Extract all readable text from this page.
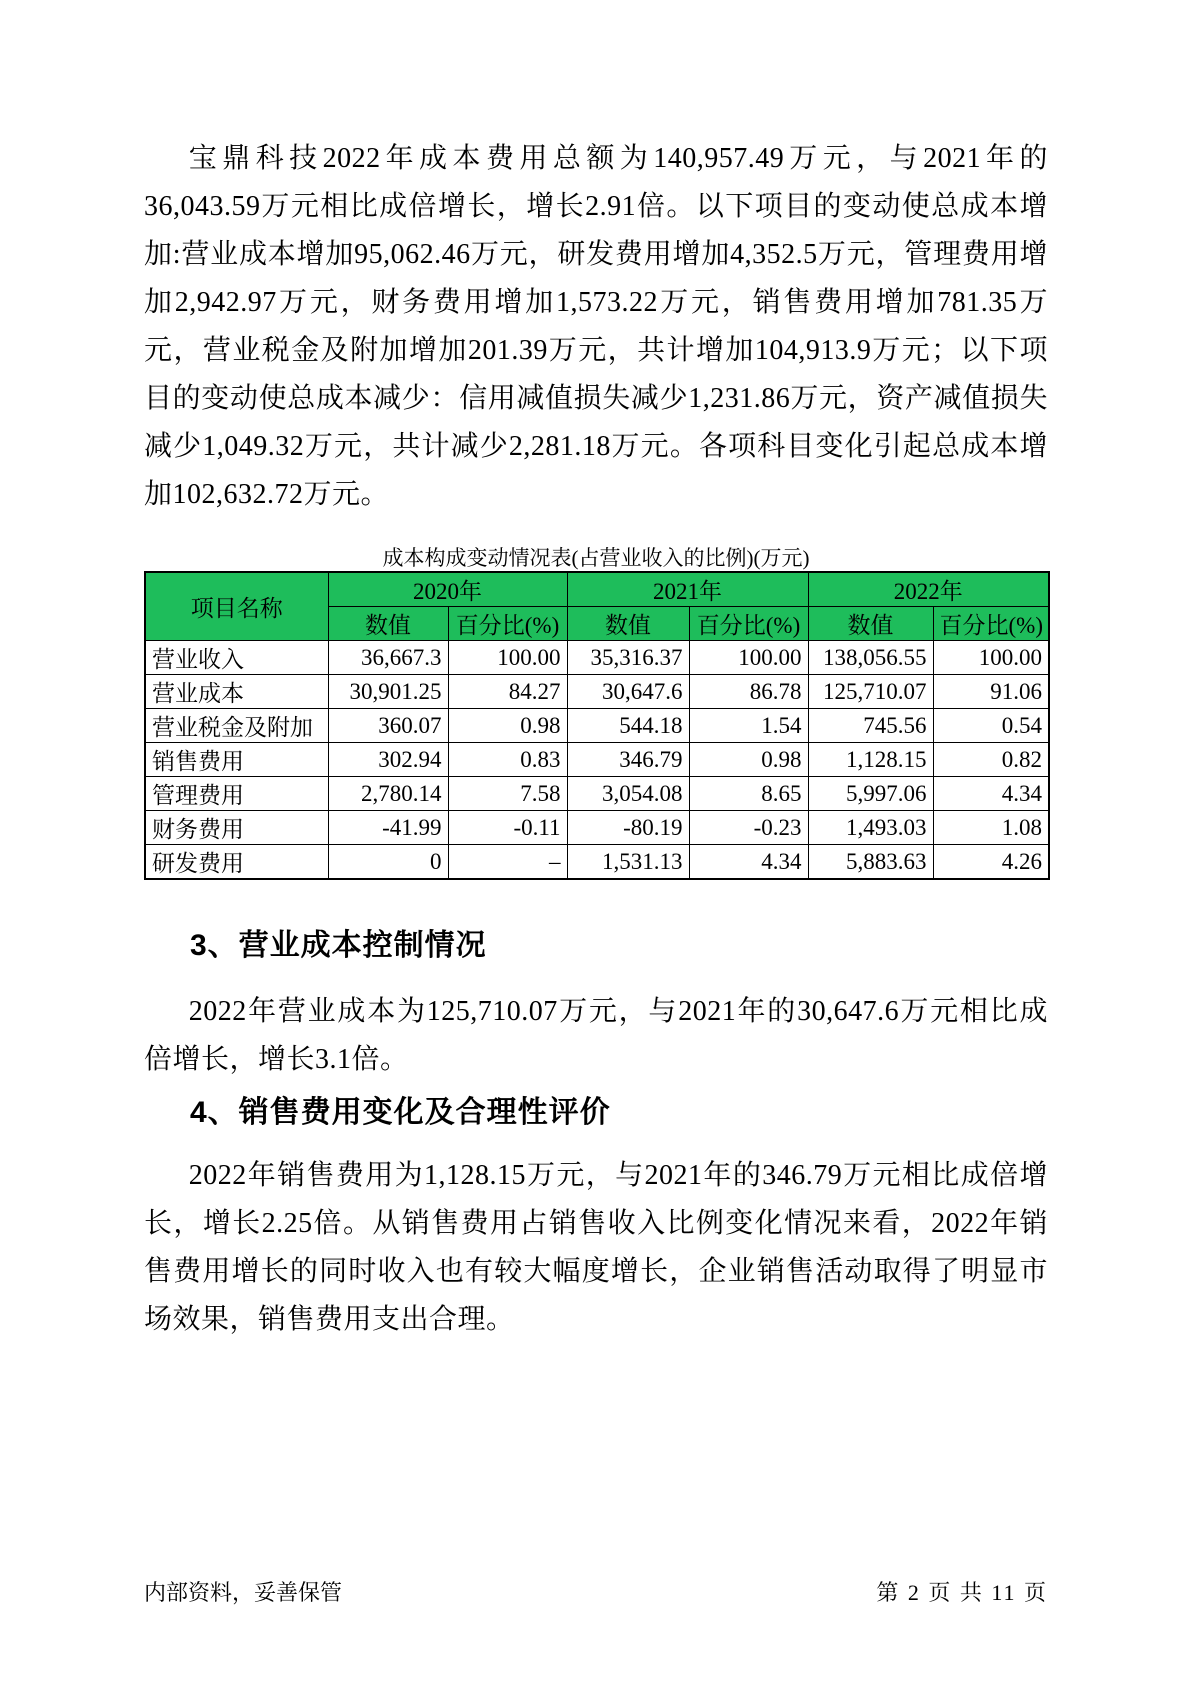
宝鼎科技2022年成本费用总额为140,957.49万元，与2021年的36,043.59万元相比成倍增长，增长2.91倍。以下项目的变动使总成本增加:营业成本增加95,062.46万元，研发费用增加4,352.5万元，管理费用增加2,942.97万元，财务费用增加1,573.22万元，销售费用增加781.35万元，营业税金及附加增加201.39万元，共计增加104,913.9万元；以下项目的变动使总成本减少：信用减值损失减少1,231.86万元，资产减值损失减少1,049.32万元，共计减少2,281.18万元。各项科目变化引起总成本增加102,632.72万元。

成本构成变动情况表(占营业收入的比例)(万元)
项目名称	2020年		2021年		2022年	
	数值	百分比(%)	数值	百分比(%)	数值	百分比(%)
营业收入	36,667.3	100.00	35,316.37	100.00	138,056.55	100.00
营业成本	30,901.25	84.27	30,647.6	86.78	125,710.07	91.06
营业税金及附加	360.07	0.98	544.18	1.54	745.56	0.54
销售费用	302.94	0.83	346.79	0.98	1,128.15	0.82
管理费用	2,780.14	7.58	3,054.08	8.65	5,997.06	4.34
财务费用	-41.99	-0.11	-80.19	-0.23	1,493.03	1.08
研发费用	0	–	1,531.13	4.34	5,883.63	4.26
3、营业成本控制情况

2022年营业成本为125,710.07万元，与2021年的30,647.6万元相比成倍增长，增长3.1倍。

4、销售费用变化及合理性评价

2022年销售费用为1,128.15万元，与2021年的346.79万元相比成倍增长，增长2.25倍。从销售费用占销售收入比例变化情况来看，2022年销售费用增长的同时收入也有较大幅度增长，企业销售活动取得了明显市场效果，销售费用支出合理。

内部资料，妥善保管	第 2 页 共 11 页
